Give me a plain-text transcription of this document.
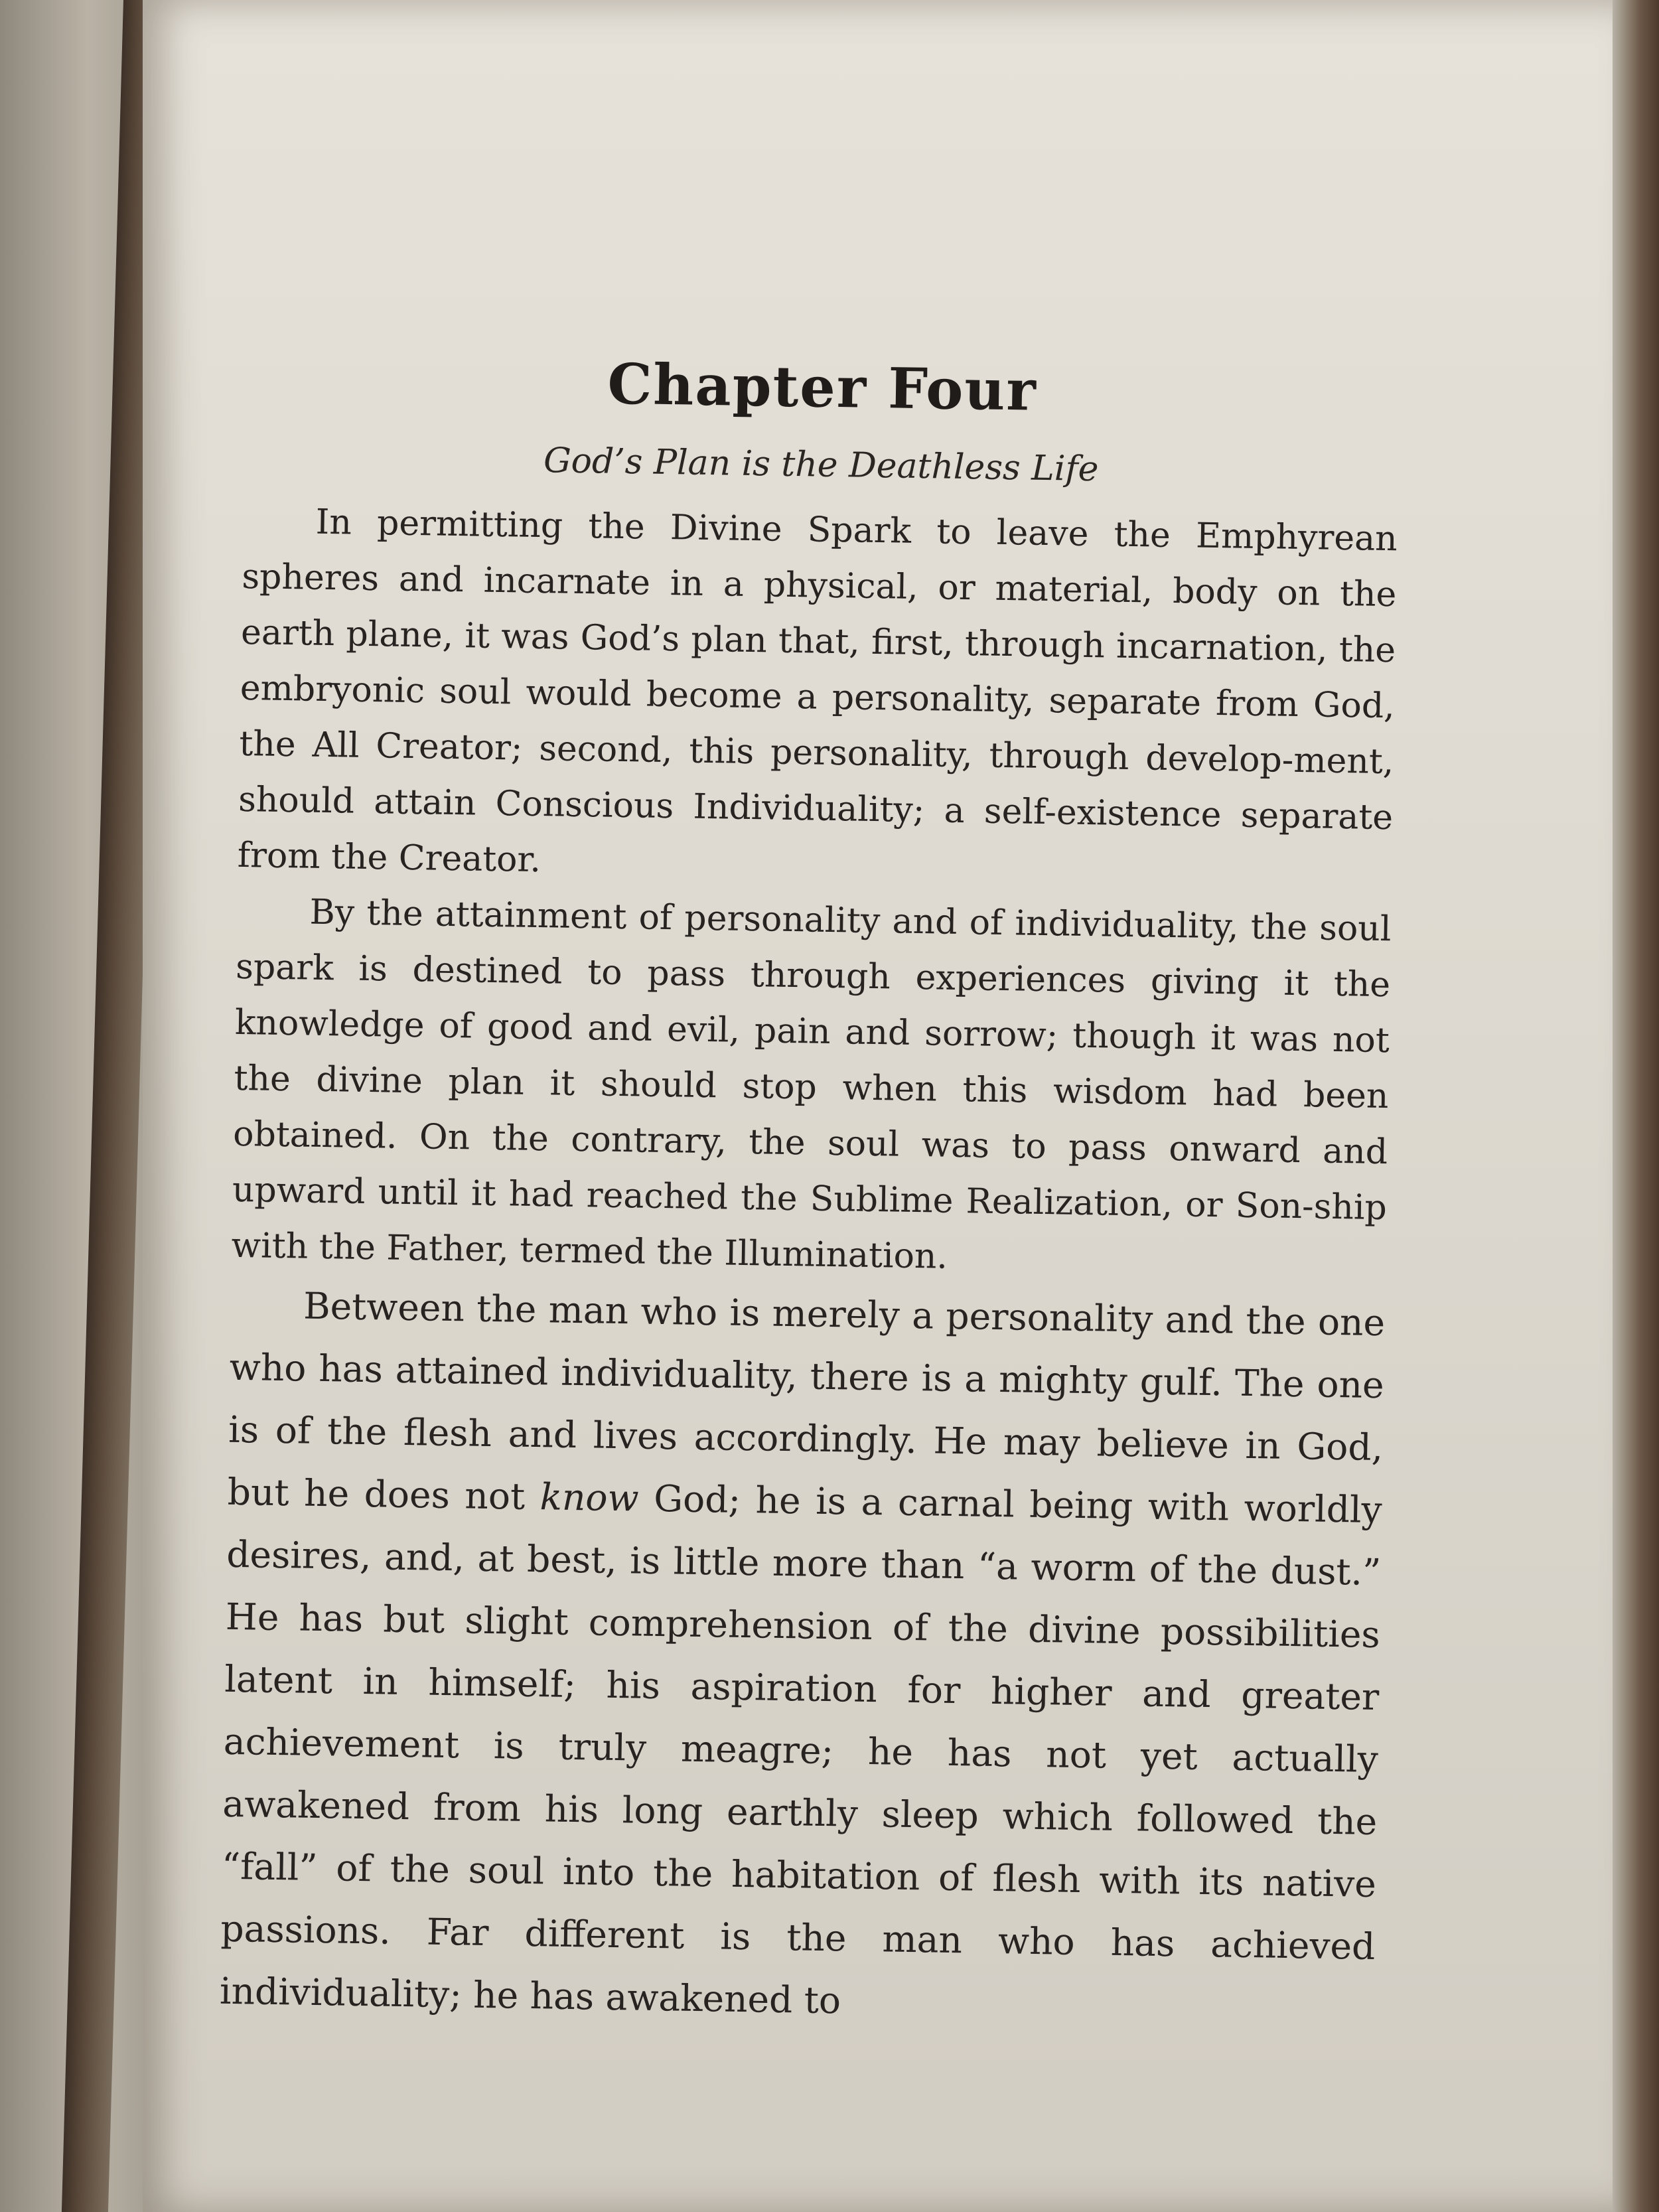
Chapter Four
God’s Plan is the Deathless Life

In permitting the Divine Spark to leave the Emphyrean spheres and incarnate in a physical, or material, body on the earth plane, it was God’s plan that, first, through incarnation, the embryonic soul would become a personality, separate from God, the All Creator; second, this personality, through develop-ment, should attain Conscious Individuality; a self-existence separate from the Creator.

By the attainment of personality and of individuality, the soul spark is destined to pass through experiences giving it the knowledge of good and evil, pain and sorrow; though it was not the divine plan it should stop when this wisdom had been obtained. On the contrary, the soul was to pass onward and upward until it had reached the Sublime Realization, or Son-ship with the Father, termed the Illumination.

Between the man who is merely a personality and the one who has attained individuality, there is a mighty gulf. The one is of the flesh and lives accordingly. He may believe in God, but he does not know God; he is a carnal being with worldly desires, and, at best, is little more than “a worm of the dust.” He has but slight comprehension of the divine possibilities latent in himself; his aspiration for higher and greater achievement is truly meagre; he has not yet actually awakened from his long earthly sleep which followed the “fall” of the soul into the habitation of flesh with its native passions. Far different is the man who has achieved individuality; he has awakened to
